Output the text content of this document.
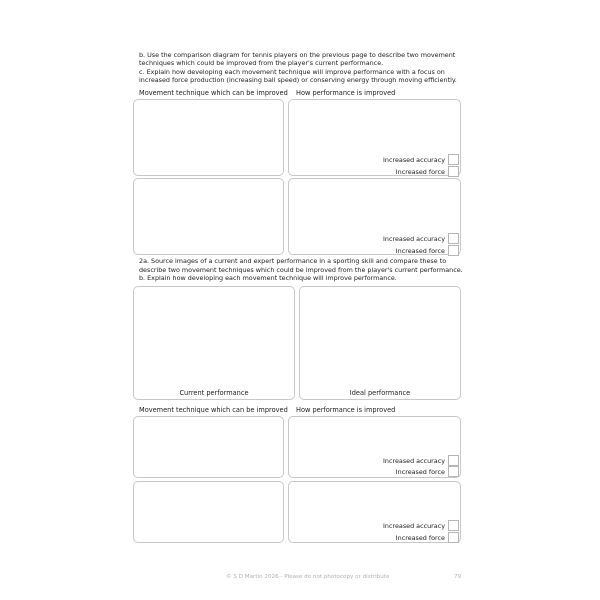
b. Use the comparison diagram for tennis players on the previous page to describe two movement
techniques which could be improved from the player's current performance.
c. Explain how developing each movement technique will improve performance with a focus on
increased force production (increasing ball speed) or conserving energy through moving efficiently.
Movement technique which can be improved How performance is improved
Increased accuracy
Increased force
Increased accuracy
Increased force
2a. Source images of a current and expert performance in a sporting skill and compare these to
describe two movement techniques which could be improved from the player's current performance.
b. Explain how developing each movement technique will improve performance.
Current performance	Ideal performance
Movement technique which can be improved How performance is improved
Increased accuracy
Increased force
Increased accuracy
Increased force
© S D Martin 2026 - Please do not photocopy or distribute	79
